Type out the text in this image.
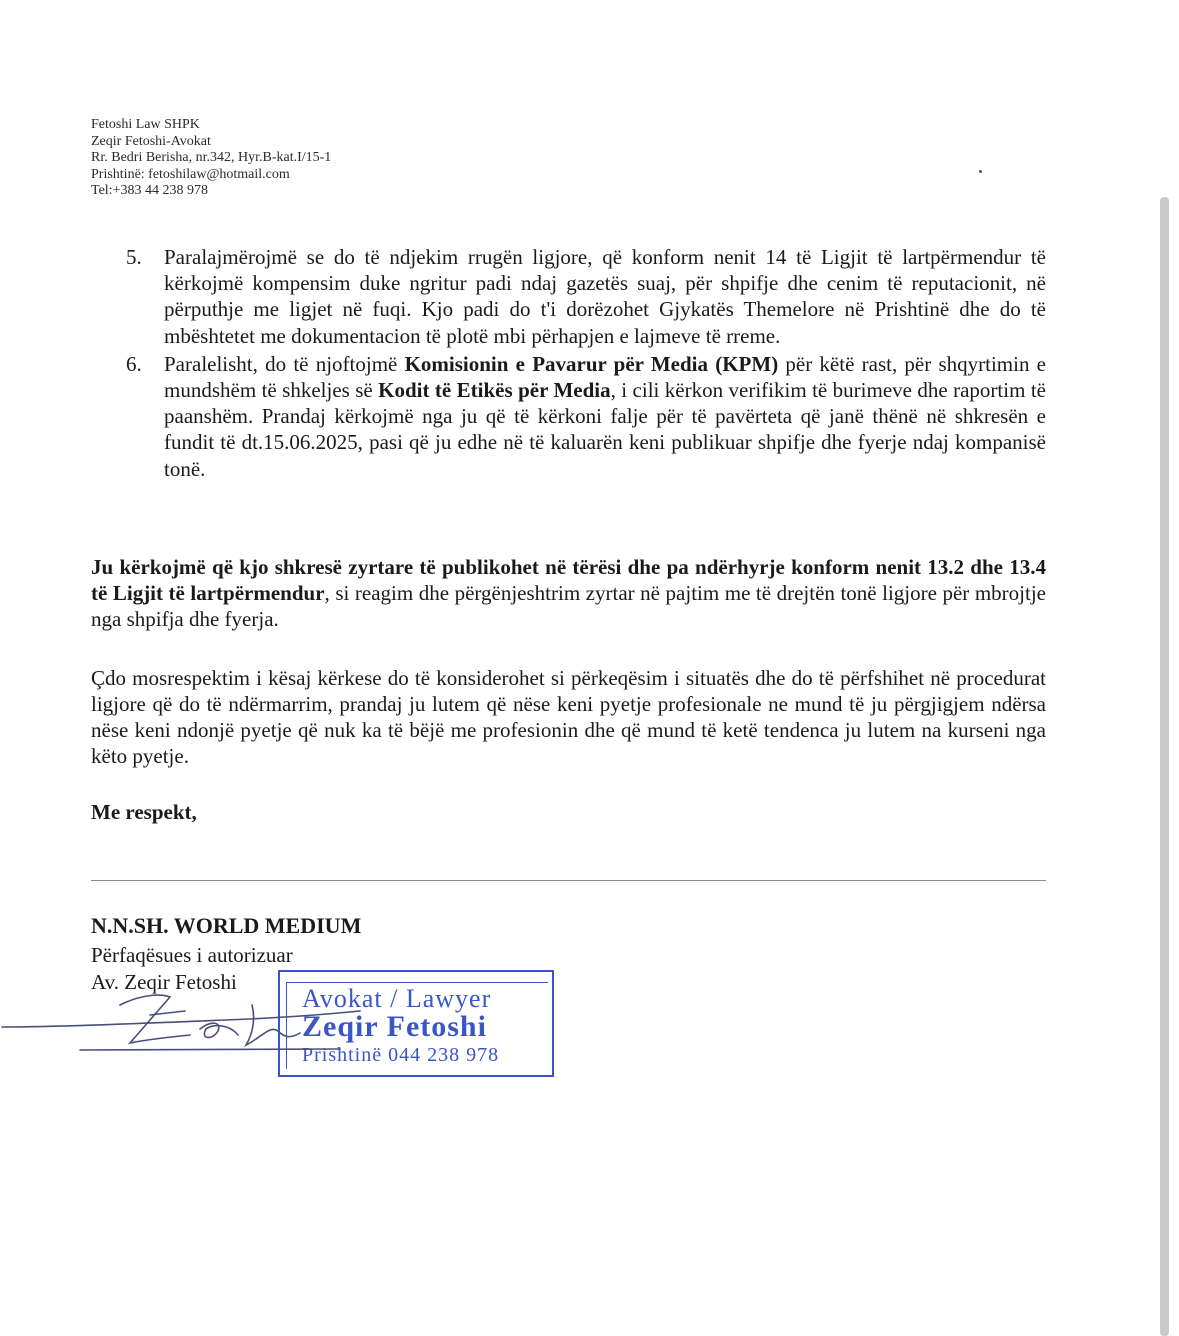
Fetoshi Law SHPK
Zeqir Fetoshi-Avokat
Rr. Bedri Berisha, nr.342, Hyr.B-kat.I/15-1
Prishtinë: fetoshilaw@hotmail.com
Tel:+383 44 238 978
5. Paralajmërojmë se do të ndjekim rrugën ligjore, që konform nenit 14 të Ligjit të lartpërmendur të kërkojmë kompensim duke ngritur padi ndaj gazetës suaj, për shpifje dhe cenim të reputacionit, në përputhje me ligjet në fuqi. Kjo padi do t'i dorëzohet Gjykatës Themelore në Prishtinë dhe do të mbështetet me dokumentacion të plotë mbi përhapjen e lajmeve të rreme.
6. Paralelisht, do të njoftojmë Komisionin e Pavarur për Media (KPM) për këtë rast, për shqyrtimin e mundshëm të shkeljes së Kodit të Etikës për Media, i cili kërkon verifikim të burimeve dhe raportim të paanshëm. Prandaj kërkojmë nga ju që të kërkoni falje për të pavërteta që janë thënë në shkresën e fundit të dt.15.06.2025, pasi që ju edhe në të kaluarën keni publikuar shpifje dhe fyerje ndaj kompanisë tonë.
Ju kërkojmë që kjo shkresë zyrtare të publikohet në tërësi dhe pa ndërhyrje konform nenit 13.2 dhe 13.4 të Ligjit të lartpërmendur, si reagim dhe përgënjeshtrim zyrtar në pajtim me të drejtën tonë ligjore për mbrojtje nga shpifja dhe fyerja.
Çdo mosrespektim i kësaj kërkese do të konsiderohet si përkeqësim i situatës dhe do të përfshihet në procedurat ligjore që do të ndërmarrim, prandaj ju lutem që nëse keni pyetje profesionale ne mund të ju përgjigjem ndërsa nëse keni ndonjë pyetje që nuk ka të bëjë me profesionin dhe që mund të ketë tendenca ju lutem na kurseni nga këto pyetje.
Me respekt,
N.N.SH. WORLD MEDIUM
Përfaqësues i autorizuar
Av. Zeqir Fetoshi
Avokat / Lawyer
Zeqir Fetoshi
Prishtinë 044 238 978
